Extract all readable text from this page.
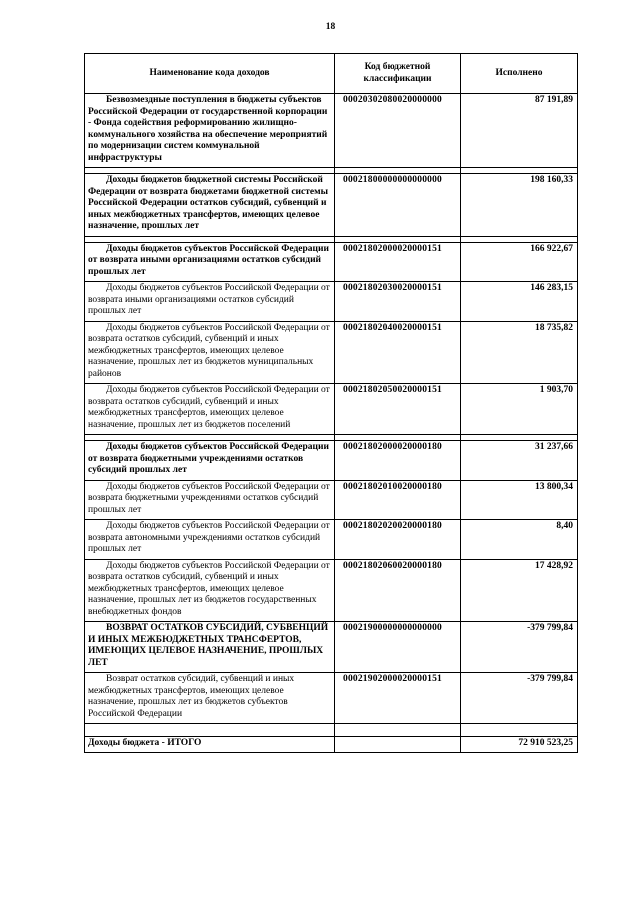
18
Наименование кода доходов	Код бюджетной классификации	Исполнено
Безвозмездные поступления в бюджеты субъектов Российской Федерации от государственной корпорации - Фонда содействия реформированию жилищно-коммунального хозяйства на обеспечение мероприятий по модернизации систем коммунальной инфраструктуры	00020302080020000000	87 191,89

Доходы бюджетов бюджетной системы Российской Федерации от возврата бюджетами бюджетной системы Российской Федерации остатков субсидий, субвенций и иных межбюджетных трансфертов, имеющих целевое назначение, прошлых лет	00021800000000000000	198 160,33

Доходы бюджетов субъектов Российской Федерации от возврата иными организациями остатков субсидий прошлых лет	00021802000020000151	166 922,67
Доходы бюджетов субъектов Российской Федерации от возврата иными организациями остатков субсидий прошлых лет	00021802030020000151	146 283,15
Доходы бюджетов субъектов Российской Федерации от возврата остатков субсидий, субвенций и иных межбюджетных трансфертов, имеющих целевое назначение, прошлых лет из бюджетов муниципальных районов	00021802040020000151	18 735,82
Доходы бюджетов субъектов Российской Федерации от возврата остатков субсидий, субвенций и иных межбюджетных трансфертов, имеющих целевое назначение, прошлых лет из бюджетов поселений	00021802050020000151	1 903,70

Доходы бюджетов субъектов Российской Федерации от возврата бюджетными учреждениями остатков субсидий прошлых лет	00021802000020000180	31 237,66
Доходы бюджетов субъектов Российской Федерации от возврата бюджетными учреждениями остатков субсидий прошлых лет	00021802010020000180	13 800,34
Доходы бюджетов субъектов Российской Федерации от возврата автономными учреждениями остатков субсидий прошлых лет	00021802020020000180	8,40
Доходы бюджетов субъектов Российской Федерации от возврата остатков субсидий, субвенций и иных межбюджетных трансфертов, имеющих целевое назначение, прошлых лет из бюджетов государственных внебюджетных фондов	00021802060020000180	17 428,92
ВОЗВРАТ ОСТАТКОВ СУБСИДИЙ, СУБВЕНЦИЙ И ИНЫХ МЕЖБЮДЖЕТНЫХ ТРАНСФЕРТОВ, ИМЕЮЩИХ ЦЕЛЕВОЕ НАЗНАЧЕНИЕ, ПРОШЛЫХ ЛЕТ	00021900000000000000	-379 799,84
Возврат остатков субсидий, субвенций и иных межбюджетных трансфертов, имеющих целевое назначение, прошлых лет из бюджетов субъектов Российской Федерации	00021902000020000151	-379 799,84

Доходы бюджета - ИТОГО		72 910 523,25
